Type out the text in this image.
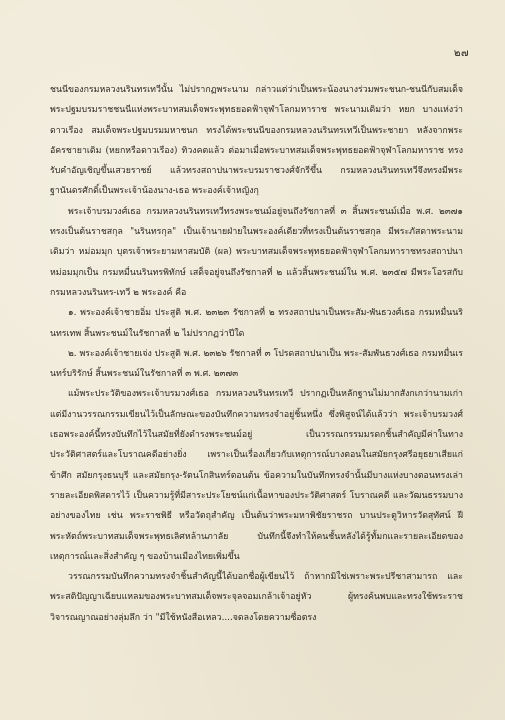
๒๗

ชนนีของกรมหลวงนรินทรเทวีนั้น ไม่ปรากฏพระนาม กล่าวแต่ว่าเป็นพระน้องนางร่วมพระชนก-ชนนีกับสมเด็จพระปฐมบรมราชชนนีแห่งพระบาทสมเด็จพระพุทธยอดฟ้าจุฬาโลกมหาราช พระนามเดิมว่า หยก บางแห่งว่าดาวเรือง สมเด็จพระปฐมบรมมหาชนก ทรงได้พระชนนีของกรมหลวงนรินทรเทวีเป็นพระชายา หลังจากพระอัครชายาเดิม (หยกหรือดาวเรือง) ทิวงคตแล้ว ต่อมาเมื่อพระบาทสมเด็จพระพุทธยอดฟ้าจุฬาโลกมหาราช ทรงรับคำอัญเชิญขึ้นเสวยราชย์ แล้วทรงสถาปนาพระบรมราชวงศ์จักรีขึ้น กรมหลวงนรินทรเทวีจึงทรงมีพระฐานันดรศักดิ์เป็นพระเจ้าน้องนาง-เธอ พระองค์เจ้าหญิงกุ

พระเจ้าบรมวงศ์เธอ กรมหลวงนรินทรเทวีทรงพระชนม์อยู่จนถึงรัชกาลที่ ๓ สิ้นพระชนม์เมื่อ พ.ศ. ๒๓๗๑ ทรงเป็นต้นราชสกุล "นรินทรกุล" เป็นเจ้านายฝ่ายในพระองค์เดียวที่ทรงเป็นต้นราชสกุล มีพระภัสดาพระนามเดิมว่า หม่อมมุก บุตรเจ้าพระยามหาสมบัติ (ผล) พระบาทสมเด็จพระพุทธยอดฟ้าจุฬาโลกมหาราชทรงสถาปนาหม่อมมุกเป็น กรมหมื่นนรินทรพิทักษ์ เสด็จอยู่จนถึงรัชกาลที่ ๒ แล้วสิ้นพระชนม์ใน พ.ศ. ๒๓๕๗ มีพระโอรสกับกรมหลวงนรินทร-เทวี ๒ พระองค์ คือ

๑. พระองค์เจ้าชายอิ่ม ประสูติ พ.ศ. ๒๓๒๓ รัชกาลที่ ๒ ทรงสถาปนาเป็นพระสัม-พันธวงศ์เธอ กรมหมื่นนรินทรเทพ สิ้นพระชนม์ในรัชกาลที่ ๒ ไม่ปรากฏว่าปีใด

๒. พระองค์เจ้าชายเจ่ง ประสูติ พ.ศ. ๒๓๒๖ รัชกาลที่ ๓ โปรดสถาปนาเป็น พระ-สัมพันธวงศ์เธอ กรมหมื่นเรนทร์บริรักษ์ สิ้นพระชนม์ในรัชกาลที่ ๓ พ.ศ. ๒๓๗๓

แม้พระประวัติของพระเจ้าบรมวงศ์เธอ กรมหลวงนรินทรเทวี ปรากฏเป็นหลักฐานไม่มากสังกเกว่านามเก่า แต่มีงานวรรณกรรมเขียนไว้เป็นลักษณะของบันทึกความทรงจำอยู่ชิ้นหนึ่ง ซึ่งพิสูจน์ได้แล้วว่า พระเจ้าบรมวงศ์เธอพระองค์นี้ทรงบันทึกไว้ในสมัยที่ยังดำรงพระชนม์อยู่ เป็นวรรณกรรมมรดกชิ้นสำคัญมีค่าในทางประวัติศาสตร์และโบราณคดีอย่างยิ่ง เพราะเป็นเรื่องเกี่ยวกับเหตุการณ์บางตอนในสมัยกรุงศรีอยุธยาเสียแก่ข้าศึก สมัยกรุงธนบุรี และสมัยกรุง-รัตนโกสินทร์ตอนต้น ข้อความในบันทึกทรงจำนั้นมีบางแห่งบางตอนทรงเล่ารายละเอียดพิสดารไว้ เป็นความรู้ที่มีสาระประโยชน์แก่เนื้อหาของประวัติศาสตร์ โบราณคดี และวัฒนธรรมบางอย่างของไทย เช่น พระราชพิธี หรือวัตถุสำคัญ เป็นต้นว่าพระมหาพิชัยราชรถ บานประตูวิหารวัดสุทัศน์ ฝีพระหัตถ์พระบาทสมเด็จพระพุทธเลิศหล้านภาลัย บันทึกนี้จึงทำให้คนชั้นหลังได้รู้ทั้มกและรายละเอียดของเหตุการณ์และสิ่งสำคัญ ๆ ของบ้านเมืองไทยเพิ่มขึ้น

วรรณกรรมบันทึกความทรงจำชิ้นสำคัญนี้ได้บอกชื่อผู้เขียนไว้ ถ้าหากมิใช่เพราะพระปรีชาสามารถ และพระสติปัญญาเฉียบแหลมของพระบาทสมเด็จพระจุลจอมเกล้าเจ้าอยู่หัว ผู้ทรงค้นพบและทรงใช้พระราชวิจารณญาณอย่างลุ่มลึก ว่า "มีใช้หนังสือเหลว....จดลงโดยความซื่อตรง
